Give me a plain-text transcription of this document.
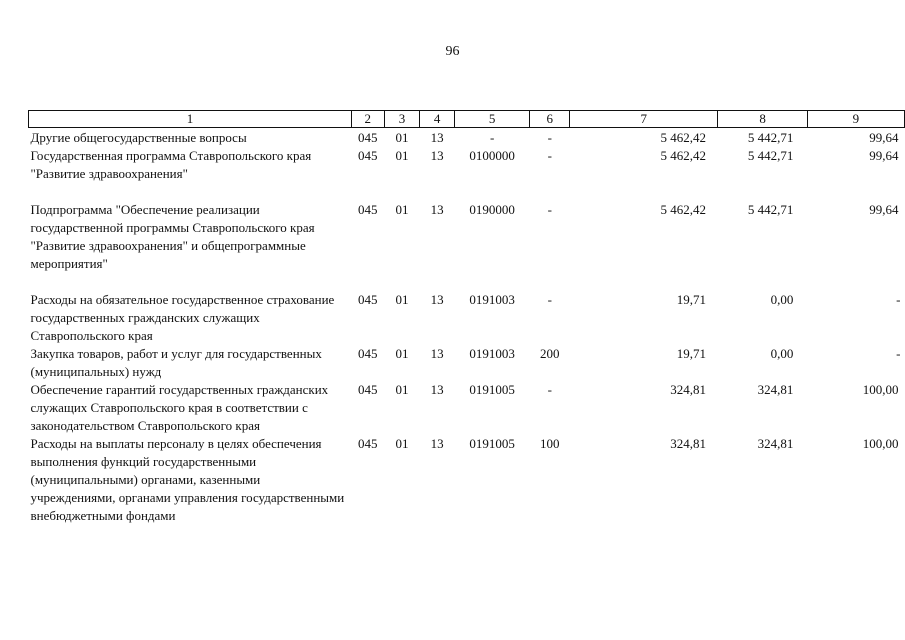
96
1	2	3	4	5	6	7	8	9
Другие общегосударственные вопросы	045	01	13	-	-	5 462,42	5 442,71	99,64
Государственная программа Ставропольского края "Развитие здравоохранения"	045	01	13	0100000	-	5 462,42	5 442,71	99,64
Подпрограмма "Обеспечение реализации государственной программы Ставропольского края "Развитие здравоохранения" и общепрограммные мероприятия"	045	01	13	0190000	-	5 462,42	5 442,71	99,64
Расходы на обязательное государственное страхование государственных гражданских служащих Ставропольского края	045	01	13	0191003	-	19,71	0,00	-
Закупка товаров, работ и услуг для государственных (муниципальных) нужд	045	01	13	0191003	200	19,71	0,00	-
Обеспечение гарантий государственных гражданских служащих Ставропольского края в соответствии с законодательством Ставропольского края	045	01	13	0191005	-	324,81	324,81	100,00
Расходы на выплаты персоналу в целях обеспечения выполнения функций государственными (муниципальными) органами, казенными учреждениями, органами управления государственными внебюджетными фондами	045	01	13	0191005	100	324,81	324,81	100,00
